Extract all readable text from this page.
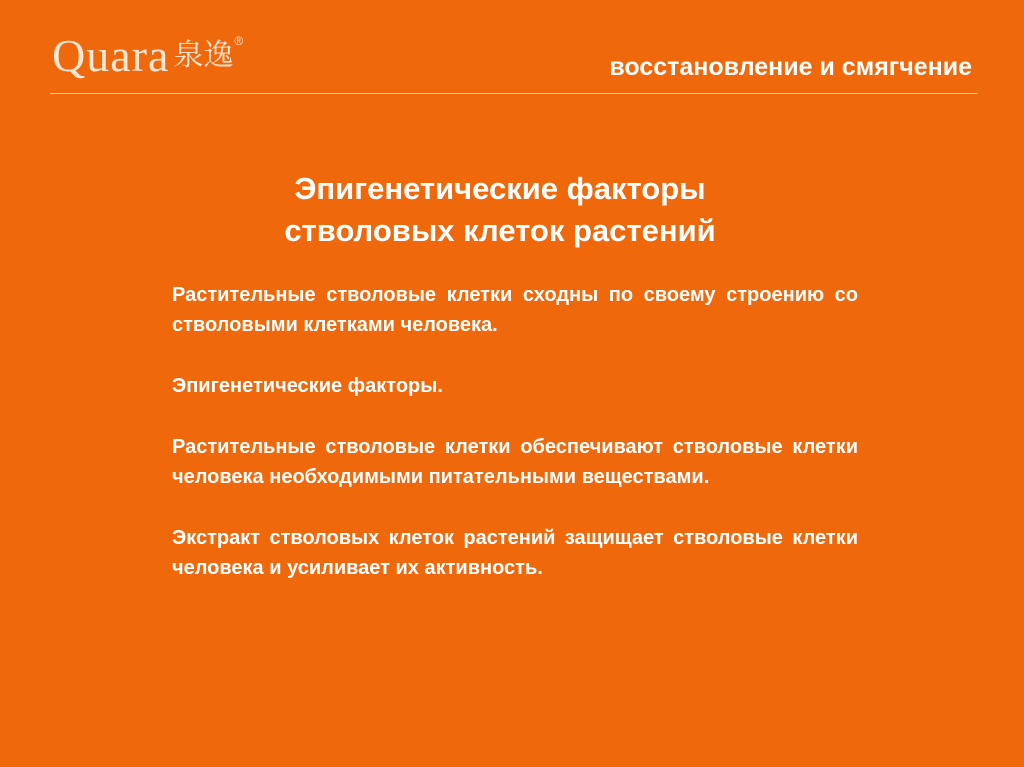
Quara 泉逸 ®
восстановление и смягчение
Эпигенетические факторы
стволовых клеток растений

Растительные стволовые клетки сходны по своему строению со стволовыми клетками человека.

Эпигенетические факторы.

Растительные стволовые клетки обеспечивают стволовые клетки человека необходимыми питательными веществами.

Экстракт стволовых клеток растений защищает стволовые клетки человека и усиливает их активность.
